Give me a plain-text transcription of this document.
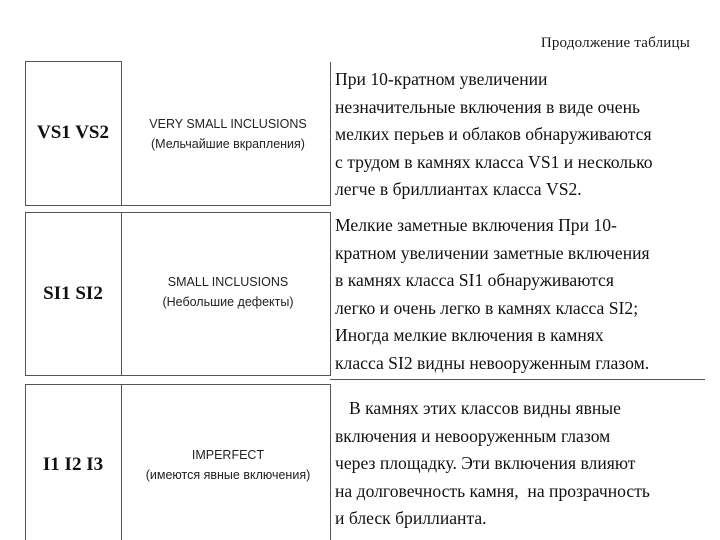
Продолжение таблицы
VS1 VS2	VERY SMALL INCLUSIONS
(Мельчайшие вкрапления)
При 10-кратном увеличении
незначительные включения в виде очень
мелких перьев и облаков обнаруживаются
с трудом в камнях класса VS1 и несколько
легче в бриллиантах класса VS2.
SI1 SI2
SMALL INCLUSIONS
(Небольшие дефекты)
Мелкие заметные включения При 10-
кратном увеличении заметные включения
в камнях класса SI1 обнаруживаются
легко и очень легко в камнях класса SI2;
Иногда мелкие включения в камнях
класса SI2 видны невооруженным глазом.
I1 I2 I3	IMPERFECT
(имеются явные включения)
В камнях этих классов видны явные
включения и невооруженным глазом
через площадку. Эти включения влияют
на долговечность камня,  на прозрачность
и блеск бриллианта.
